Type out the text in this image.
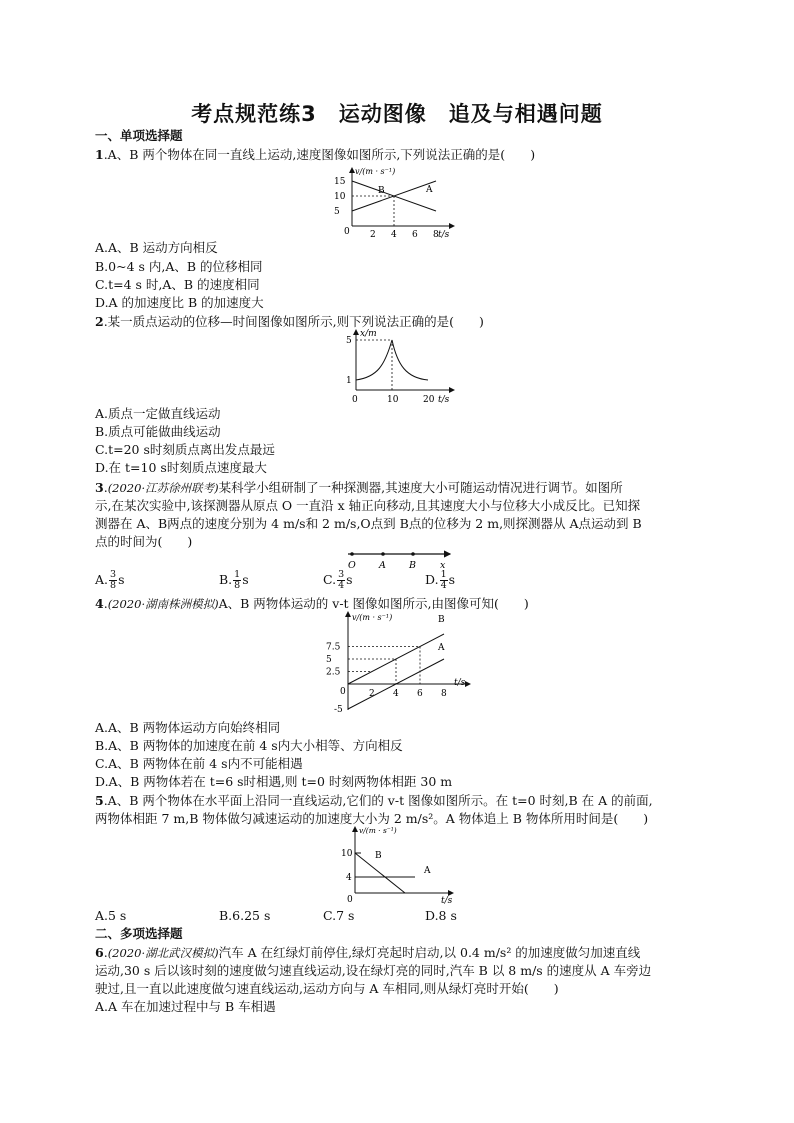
考点规范练3　运动图像　追及与相遇问题
一、单项选择题
1.A、B 两个物体在同一直线上运动,速度图像如图所示,下列说法正确的是(　　)
v/(m · s⁻¹)
t/s
0 2 4 6 8
15
10
5
A
B
A.A、B 运动方向相反
B.0~4 s 内,A、B 的位移相同
C.t=4 s 时,A、B 的速度相同
D.A 的加速度比 B 的加速度大
2.某一质点运动的位移—时间图像如图所示,则下列说法正确的是(　　)
x/m
t/s
0	10	20
5
1
A.质点一定做直线运动
B.质点可能做曲线运动
C.t=20 s时刻质点离出发点最远
D.在 t=10 s时刻质点速度最大
3.(2020·江苏徐州联考)某科学小组研制了一种探测器,其速度大小可随运动情况进行调节。如图所
示,在某次实验中,该探测器从原点 O 一直沿 x 轴正向移动,且其速度大小与位移大小成反比。已知探
测器在 A、B两点的速度分别为 4 m/s和 2 m/s,O点到 B点的位移为 2 m,则探测器从 A点运动到 B
点的时间为(　　)
O A B	x
A. $\frac{3}{8}$ s	B. $\frac{1}{8}$ s	C. $\frac{3}{4}$ s	D. $\frac{1}{4}$ s
4.(2020·湖南株洲模拟)A、B 两物体运动的 v-t 图像如图所示,由图像可知(　　)
v/(m · s⁻¹)
t/s
0	2 4 6 8
7.5
5
2.5
-5
B
A
A.A、B 两物体运动方向始终相同
B.A、B 两物体的加速度在前 4 s内大小相等、方向相反
C.A、B 两物体在前 4 s内不可能相遇
D.A、B 两物体若在 t=6 s时相遇,则 t=0 时刻两物体相距 30 m
5.A、B 两个物体在水平面上沿同一直线运动,它们的 v-t 图像如图所示。在 t=0 时刻,B 在 A 的前面,
两物体相距 7 m,B 物体做匀减速运动的加速度大小为 2 m/s²。A 物体追上 B 物体所用时间是(　　)
v/(m · s⁻¹)
t/s
0
10
4
B
A
A.5 s	B.6.25 s	C.7 s	D.8 s
二、多项选择题
6.(2020·湖北武汉模拟)汽车 A 在红绿灯前停住,绿灯亮起时启动,以 0.4 m/s² 的加速度做匀加速直线
运动,30 s 后以该时刻的速度做匀速直线运动,设在绿灯亮的同时,汽车 B 以 8 m/s 的速度从 A 车旁边
驶过,且一直以此速度做匀速直线运动,运动方向与 A 车相同,则从绿灯亮时开始(　　)
A.A 车在加速过程中与 B 车相遇
